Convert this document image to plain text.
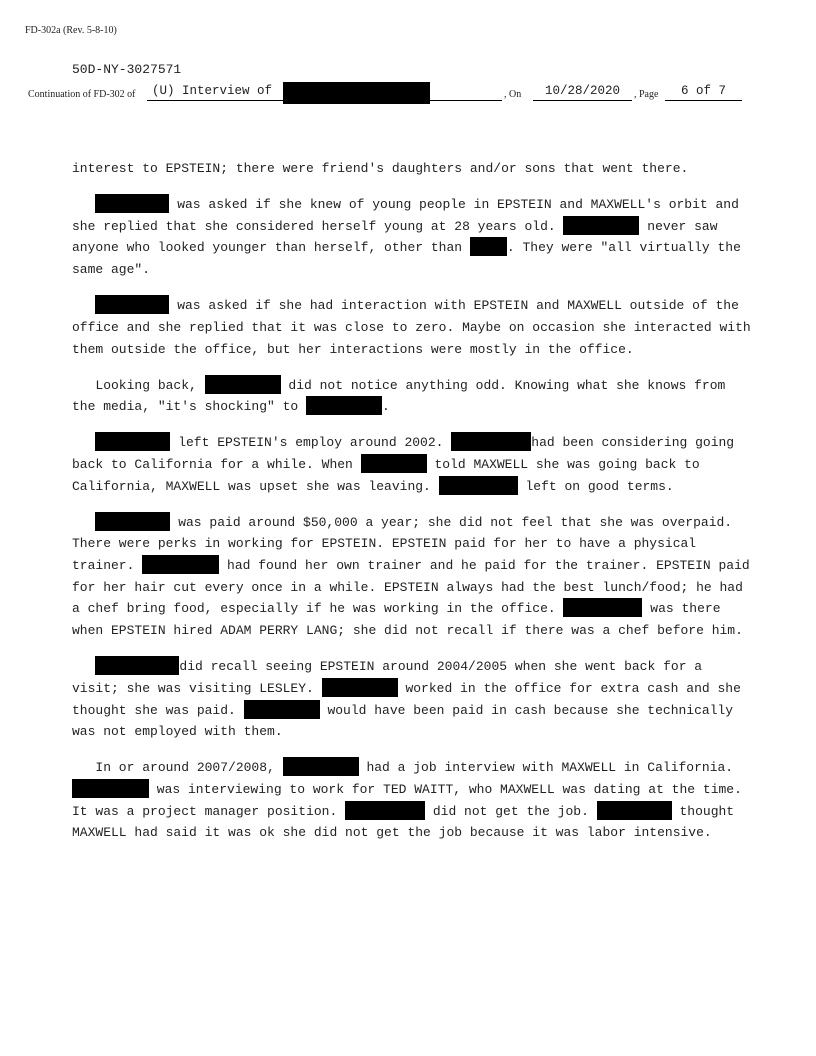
FD-302a (Rev. 5-8-10)
50D-NY-3027571
Continuation of FD-302 of	(U) Interview of	, On	10/28/2020	, Page	6 of 7

interest to EPSTEIN; there were friend's daughters and/or sons that went there.

was asked if she knew of young people in EPSTEIN and MAXWELL's orbit and she replied that she considered herself young at 28 years old.	never saw anyone who looked younger than herself, other than	. They were "all virtually the same age".

was asked if she had interaction with EPSTEIN and MAXWELL outside of the office and she replied that it was close to zero. Maybe on occasion she interacted with them outside the office, but her interactions were mostly in the office.

Looking back,	did not notice anything odd. Knowing what she knows from the media, "it's shocking" to	.

left EPSTEIN's employ around 2002.	had been considering going back to California for a while. When	told MAXWELL she was going back to California, MAXWELL was upset she was leaving.	left on good terms.

was paid around $50,000 a year; she did not feel that she was overpaid. There were perks in working for EPSTEIN. EPSTEIN paid for her to have a physical trainer.	had found her own trainer and he paid for the trainer. EPSTEIN paid for her hair cut every once in a while. EPSTEIN always had the best lunch/food; he had a chef bring food, especially if he was working in the office.	was there when EPSTEIN hired ADAM PERRY LANG; she did not recall if there was a chef before him.

did recall seeing EPSTEIN around 2004/2005 when she went back for a visit; she was visiting LESLEY.	worked in the office for extra cash and she thought she was paid.	would have been paid in cash because she technically was not employed with them.

In or around 2007/2008,	had a job interview with MAXWELL in California.  was interviewing to work for TED WAITT, who MAXWELL was dating at the time. It was a project manager position.	did not get the job.	thought MAXWELL had said it was ok she did not get the job because it was labor intensive.
